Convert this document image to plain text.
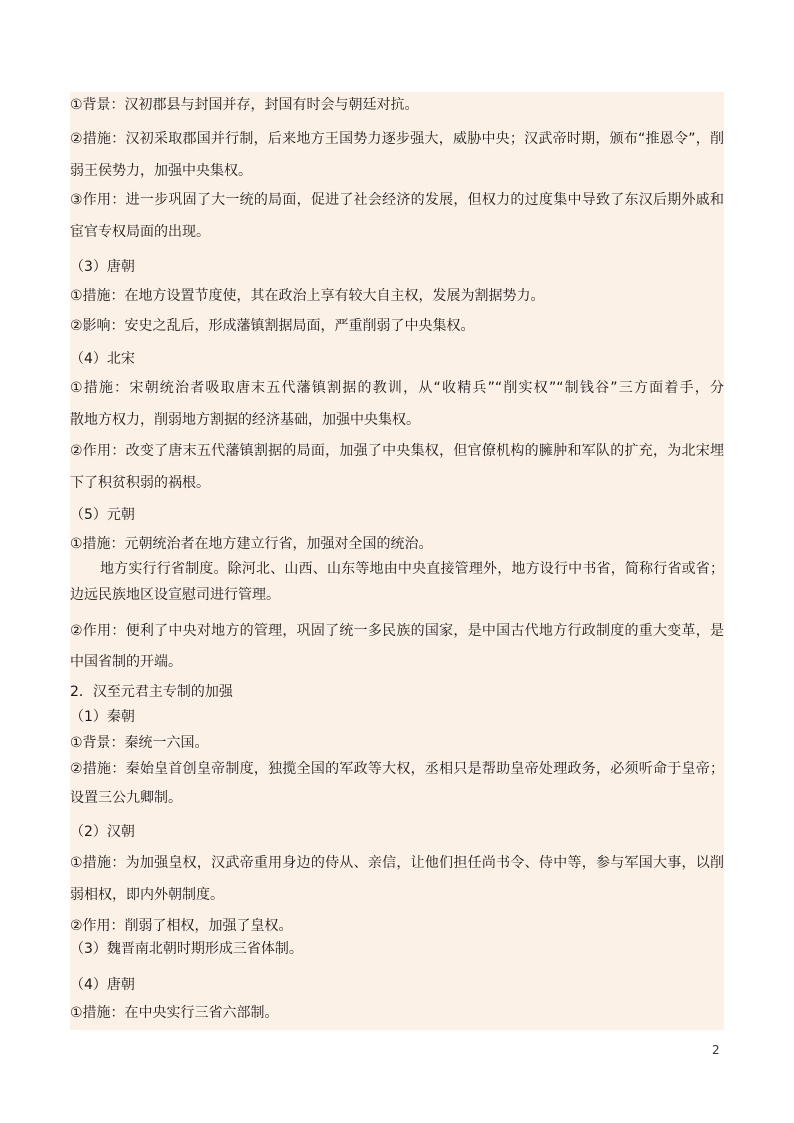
①背景：汉初郡县与封国并存，封国有时会与朝廷对抗。
②措施：汉初采取郡国并行制，后来地方王国势力逐步强大，威胁中央；汉武帝时期，颁布“推恩令”，削
弱王侯势力，加强中央集权。
③作用：进一步巩固了大一统的局面，促进了社会经济的发展，但权力的过度集中导致了东汉后期外戚和
宦官专权局面的出现。
（3）唐朝
①措施：在地方设置节度使，其在政治上享有较大自主权，发展为割据势力。
②影响：安史之乱后，形成藩镇割据局面，严重削弱了中央集权。
（4）北宋
①措施：宋朝统治者吸取唐末五代藩镇割据的教训，从“收精兵”“削实权”“制钱谷”三方面着手，分
散地方权力，削弱地方割据的经济基础，加强中央集权。
②作用：改变了唐末五代藩镇割据的局面，加强了中央集权，但官僚机构的臃肿和军队的扩充，为北宋埋
下了积贫积弱的祸根。
（5）元朝
①措施：元朝统治者在地方建立行省，加强对全国的统治。
地方实行行省制度。除河北、山西、山东等地由中央直接管理外，地方设行中书省，简称行省或省；
边远民族地区设宣慰司进行管理。
②作用：便利了中央对地方的管理，巩固了统一多民族的国家，是中国古代地方行政制度的重大变革，是
中国省制的开端。
2．汉至元君主专制的加强
（1）秦朝
①背景：秦统一六国。
②措施：秦始皇首创皇帝制度，独揽全国的军政等大权，丞相只是帮助皇帝处理政务，必须听命于皇帝；
设置三公九卿制。
（2）汉朝
①措施：为加强皇权，汉武帝重用身边的侍从、亲信，让他们担任尚书令、侍中等，参与军国大事，以削
弱相权，即内外朝制度。
②作用：削弱了相权，加强了皇权。
（3）魏晋南北朝时期形成三省体制。
（4）唐朝
①措施：在中央实行三省六部制。
2
